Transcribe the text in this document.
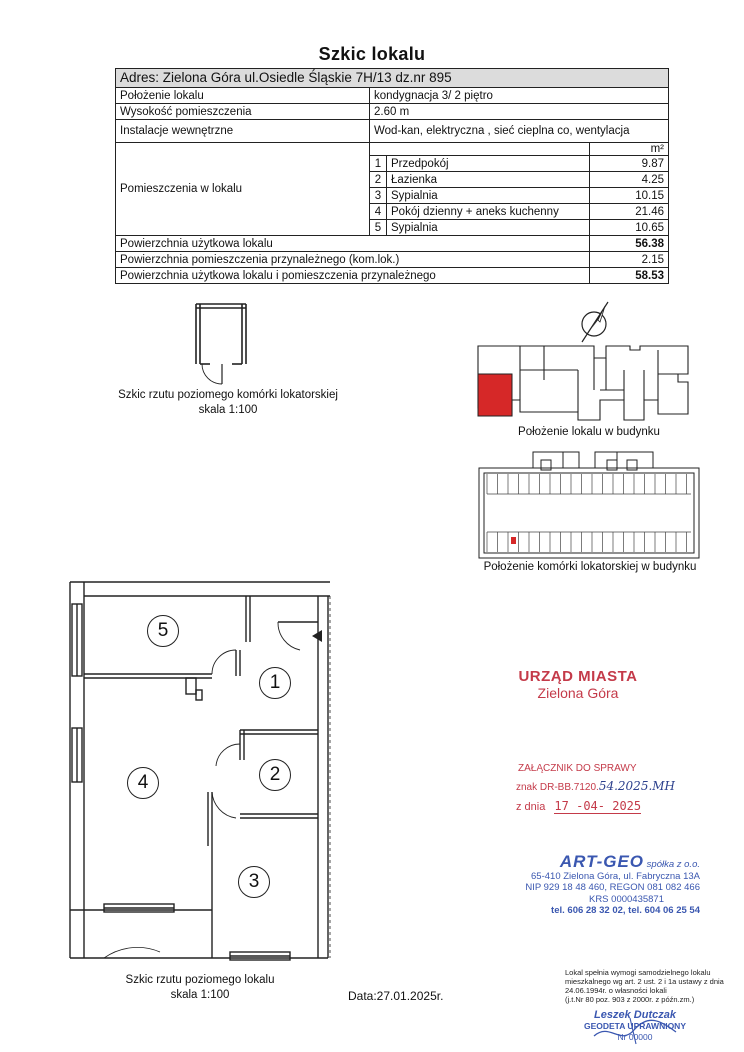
Szkic lokalu
Adres: Zielona Góra ul.Osiedle Śląskie 7H/13 dz.nr 895			
Położenie lokalu	kondygnacja 3/ 2 piętro		
Wysokość pomieszczenia	2.60 m		
Instalacje wewnętrzne	Wod-kan, elektryczna , sieć cieplna co, wentylacja		
Pomieszczenia w lokalu			m²
	1	Przedpokój	9.87
	2	Łazienka	4.25
	3	Sypialnia	10.15
	4	Pokój dzienny + aneks kuchenny	21.46
	5	Sypialnia	10.65
Powierzchnia użytkowa lokalu			56.38
Powierzchnia pomieszczenia przynależnego (kom.lok.)			2.15
Powierzchnia użytkowa lokalu i pomieszczenia przynależnego			58.53
Szkic rzutu poziomego komórki lokatorskiej
skala 1:100
Położenie lokalu w budynku
Położenie komórki lokatorskiej w budynku
5
1
2
4
3
Szkic rzutu poziomego lokalu
skala 1:100	Data:27.01.2025r.
URZĄD MIASTA
Zielona Góra
ZAŁĄCZNIK DO SPRAWY
znak DR-BB.7120.54.2025.MH
z dnia 17 -04- 2025
ART-GEO spółka z o.o.
65-410 Zielona Góra, ul. Fabryczna 13A
NIP 929 18 48 460, REGON 081 082 466
KRS 0000435871
tel. 606 28 32 02, tel. 604 06 25 54
Lokal spełnia wymogi samodzielnego lokalu
mieszkalnego wg art. 2 ust. 2 i 1a ustawy z dnia
24.06.1994r. o własności lokali
(j.t.Nr 80 poz. 903 z 2000r. z późn.zm.)
Leszek Dutczak
GEODETA UPRAWNIONY
Nr 00000
